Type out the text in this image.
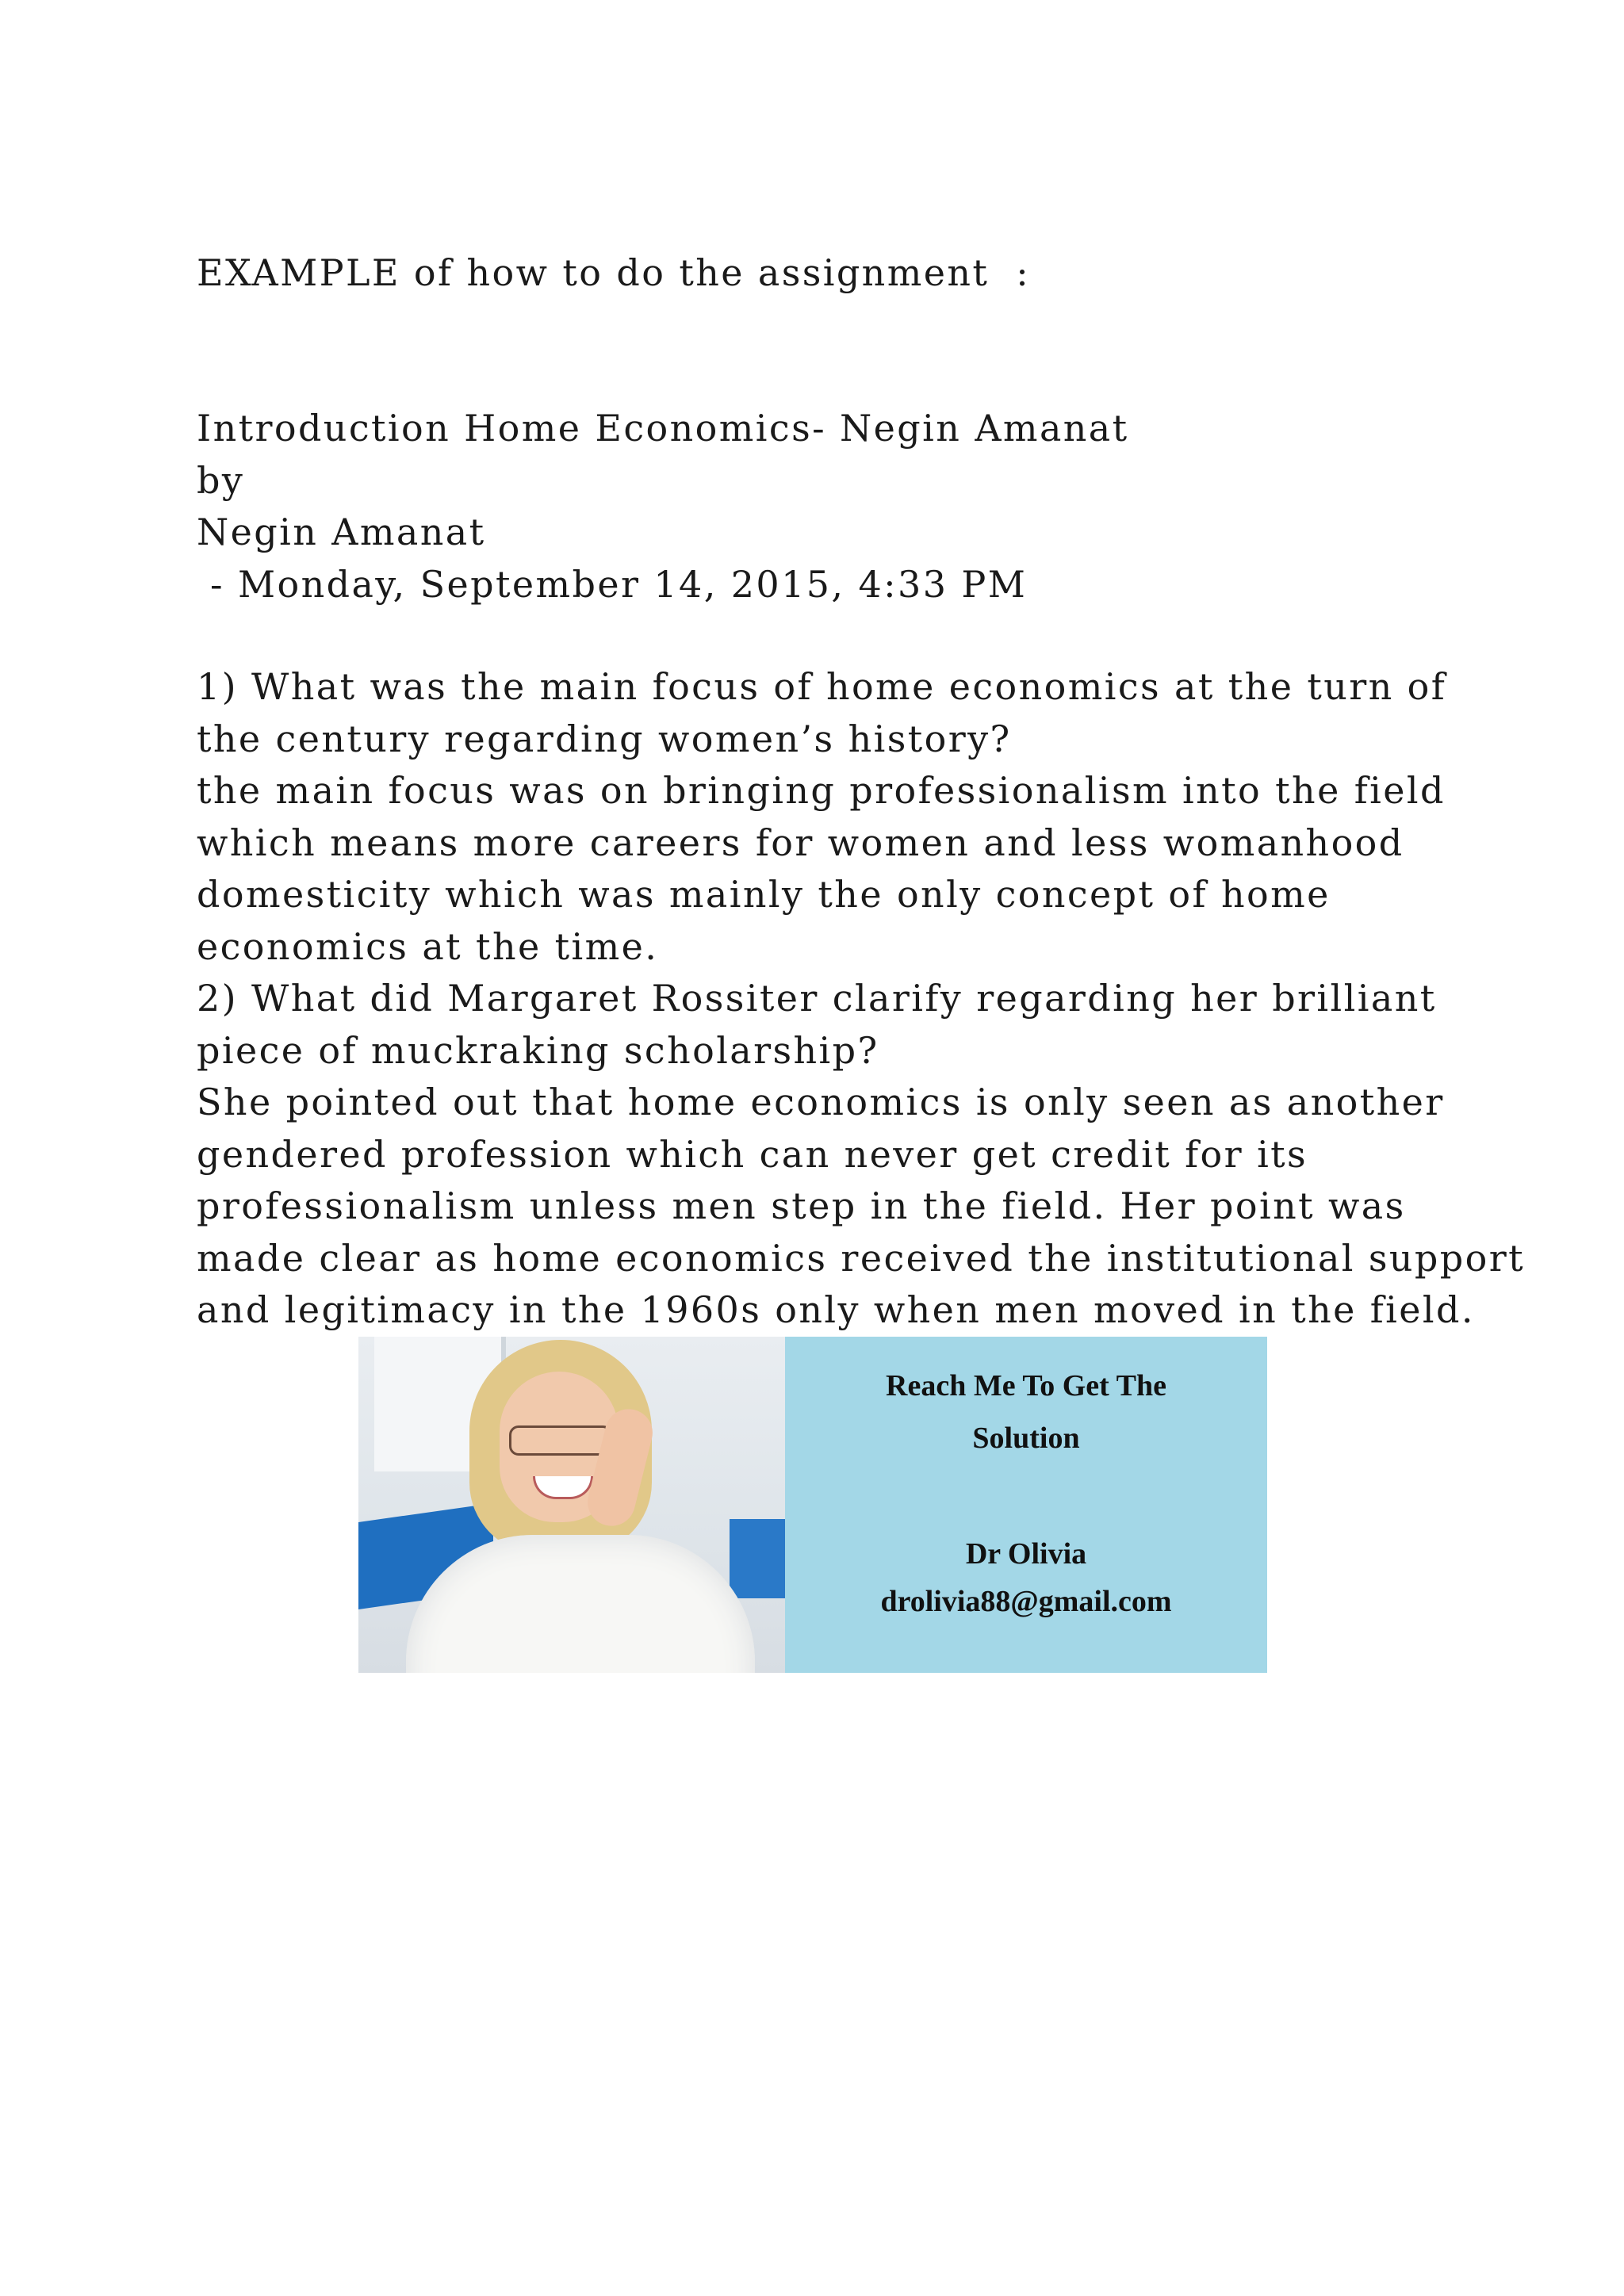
EXAMPLE of how to do the assignment  :
Introduction Home Economics- Negin Amanat
by
Negin Amanat
- Monday, September 14, 2015, 4:33 PM
1) What was the main focus of home economics at the turn of
the century regarding women’s history?
the main focus was on bringing professionalism into the field
which means more careers for women and less womanhood
domesticity which was mainly the only concept of home
economics at the time.
2) What did Margaret Rossiter clarify regarding her brilliant
piece of muckraking scholarship?
She pointed out that home economics is only seen as another
gendered profession which can never get credit for its
professionalism unless men step in the field. Her point was
made clear as home economics received the institutional support
and legitimacy in the 1960s only when men moved in the field.
Reach Me To Get The
Solution
Dr Olivia
drolivia88@gmail.com
